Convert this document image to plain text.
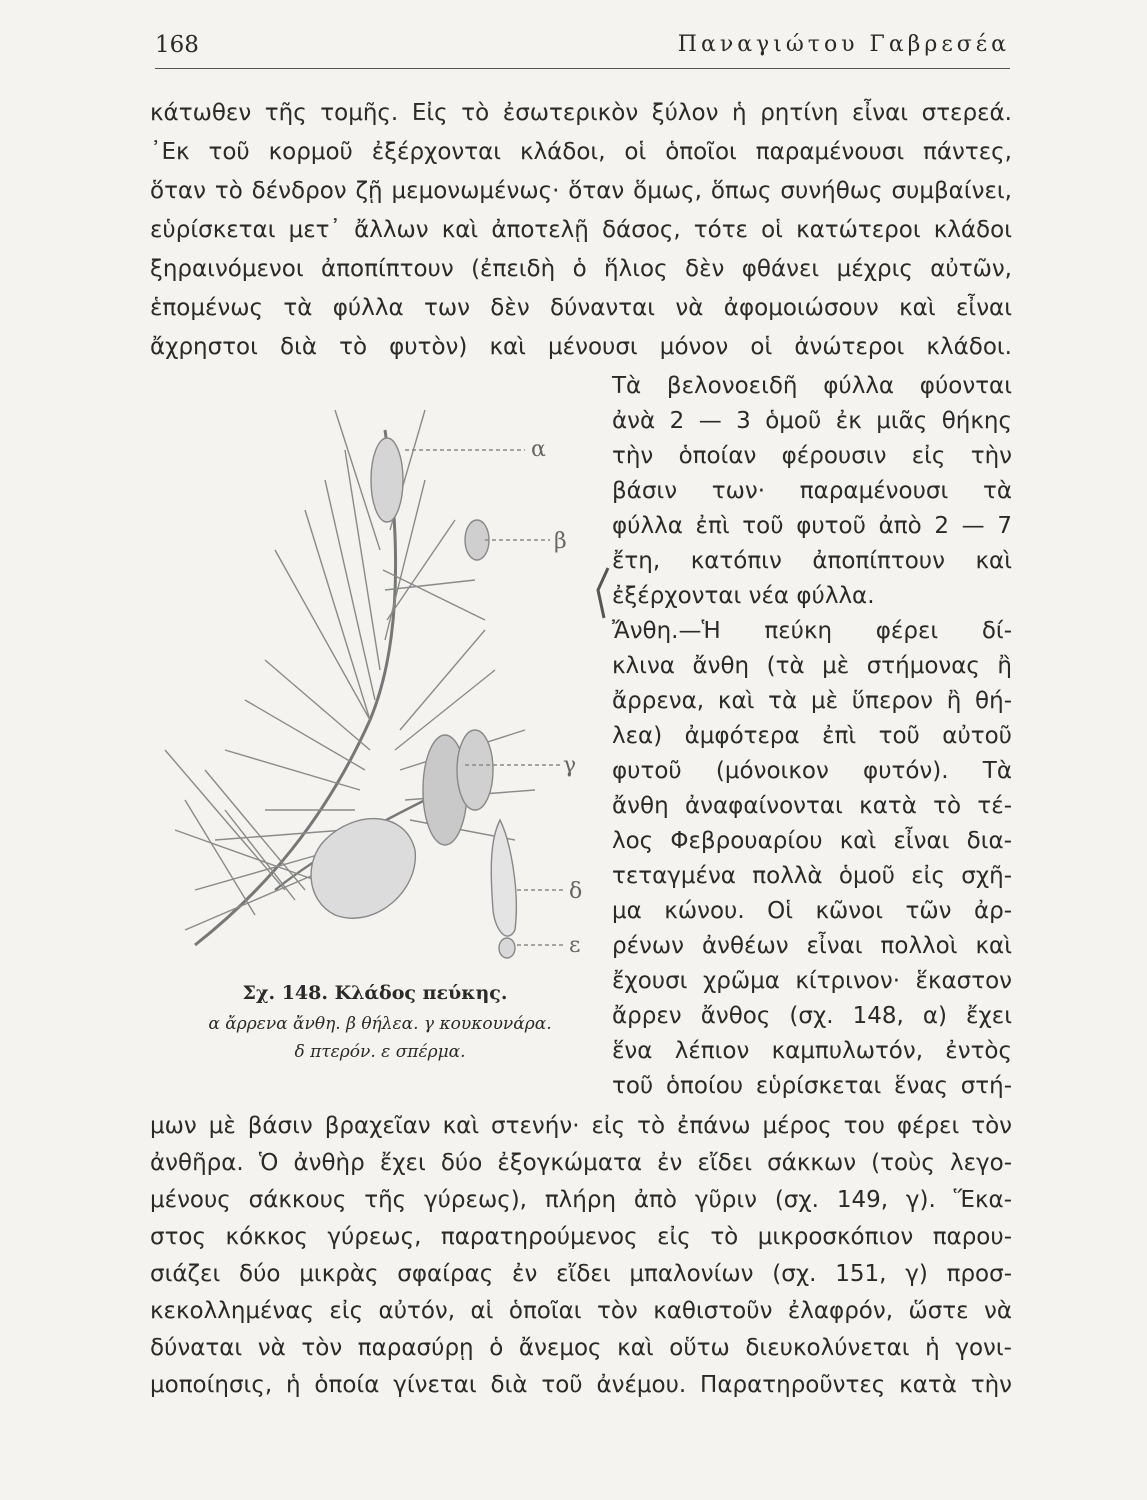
168	Παναγιώτου Γαβρεσέα
κάτωθεν τῆς τομῆς. Εἰς τὸ ἐσωτερικὸν ξύλον ἡ ρητίνη εἶναι στερεά.
᾿Εκ τοῦ κορμοῦ ἐξέρχονται κλάδοι, οἱ ὁποῖοι παραμένουσι πάντες,
ὅταν τὸ δένδρον ζῇ μεμονωμένως· ὅταν ὅμως, ὅπως συνήθως συμβαίνει,
εὑρίσκεται μετ᾿ ἄλλων καὶ ἀποτελῇ δάσος, τότε οἱ κατώτεροι κλάδοι
ξηραινόμενοι ἀποπίπτουν (ἐπειδὴ ὁ ἥλιος δὲν φθάνει μέχρις αὐτῶν,
ἑπομένως τὰ φύλλα των δὲν δύνανται νὰ ἀφομοιώσουν καὶ εἶναι
ἄχρηστοι διὰ τὸ φυτὸν) καὶ μένουσι μόνον οἱ ἀνώτεροι κλάδοι.
Τὰ βελονοειδῆ φύλλα φύονται
ἀνὰ 2 — 3 ὁμοῦ ἐκ μιᾶς θήκης
τὴν ὁποίαν φέρουσιν εἰς τὴν
βάσιν των· παραμένουσι τὰ
φύλλα ἐπὶ τοῦ φυτοῦ ἀπὸ 2 — 7
ἔτη, κατόπιν ἀποπίπτουν καὶ
ἐξέρχονται νέα φύλλα.
Ἄνθη.—Ἡ πεύκη φέρει δί-
κλινα ἄνθη (τὰ μὲ στήμονας ἢ
ἄρρενα, καὶ τὰ μὲ ὕπερον ἢ θή-
λεα) ἀμφότερα ἐπὶ τοῦ αὐτοῦ
φυτοῦ (μόνοικον φυτόν). Τὰ
ἄνθη ἀναφαίνονται κατὰ τὸ τέ-
λος Φεβρουαρίου καὶ εἶναι δια-
τεταγμένα πολλὰ ὁμοῦ εἰς σχῆ-
μα κώνου. Οἱ κῶνοι τῶν ἀρ-
ρένων ἀνθέων εἶναι πολλοὶ καὶ
ἔχουσι χρῶμα κίτρινον· ἕκαστον
ἄρρεν ἄνθος (σχ. 148, α) ἔχει
ἕνα λέπιον καμπυλωτόν, ἐντὸς
τοῦ ὁποίου εὑρίσκεται ἕνας στή-
μων μὲ βάσιν βραχεῖαν καὶ στενήν· εἰς τὸ ἐπάνω μέρος του φέρει τὸν
ἀνθῆρα. Ὁ ἀνθὴρ ἔχει δύο ἐξογκώματα ἐν εἴδει σάκκων (τοὺς λεγο-
μένους σάκκους τῆς γύρεως), πλήρη ἀπὸ γῦριν (σχ. 149, γ). Ἕκα-
στος κόκκος γύρεως, παρατηρούμενος εἰς τὸ μικροσκόπιον παρου-
σιάζει δύο μικρὰς σφαίρας ἐν εἴδει μπαλονίων (σχ. 151, γ) προσ-
κεκολλημένας εἰς αὐτόν, αἱ ὁποῖαι τὸν καθιστοῦν ἐλαφρόν, ὥστε νὰ
δύναται νὰ τὸν παρασύρῃ ὁ ἄνεμος καὶ οὕτω διευκολύνεται ἡ γονι-
μοποίησις, ἡ ὁποία γίνεται διὰ τοῦ ἀνέμου. Παρατηροῦντες κατὰ τὴν
α
β
γ
δ
ε
Σχ. 148. Κλάδος πεύκης.
α ἄρρενα ἄνθη. β θήλεα. γ κουκουνάρα.
δ πτερόν. ε σπέρμα.
